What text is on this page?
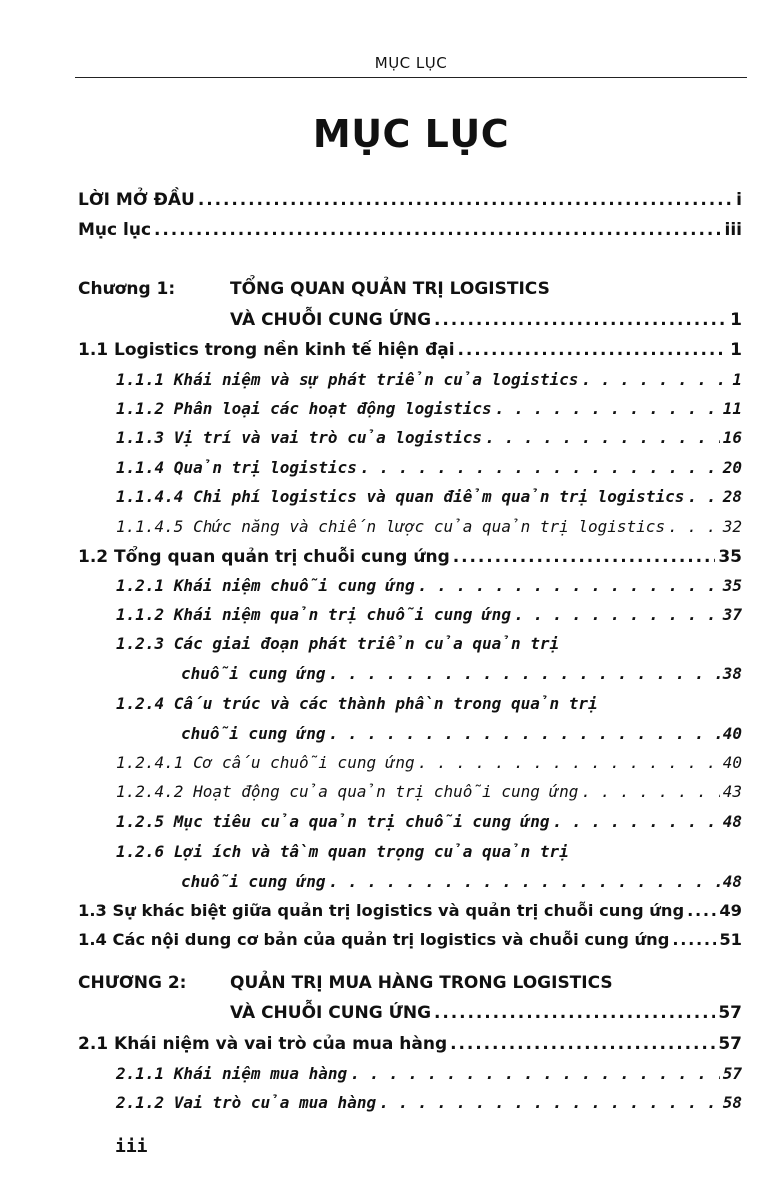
MỤC LỤC
MỤC LỤC
LỜI MỞ ĐẦU . . .	i
Mục lục . . .	iii
Chương 1:	TỔNG QUAN QUẢN TRỊ LOGISTICS
VÀ CHUỖI CUNG ỨNG . . .	1
1.1 Logistics trong nền kinh tế hiện đại . . .	1
1.1.1 Khái niệm và sự phát triển của logistics . . .	1
1.1.2 Phân loại các hoạt động logistics . . .	11
1.1.3 Vị trí và vai trò của logistics . . .	16
1.1.4 Quản trị logistics . . .	20
1.1.4.4 Chi phí logistics và quan điểm quản trị logistics . . . 28
1.1.4.5 Chức năng và chiến lược của quản trị logistics . . .	32
1.2 Tổng quan quản trị chuỗi cung ứng . . .	35
1.2.1 Khái niệm chuỗi cung ứng . . .	35
1.1.2 Khái niệm quản trị chuỗi cung ứng . . .	37
1.2.3 Các giai đoạn phát triển của quản trị
chuỗi cung ứng . . .	38
1.2.4 Cấu trúc và các thành phần trong quản trị
chuỗi cung ứng . . .	40
1.2.4.1 Cơ cấu chuỗi cung ứng . . .	40
1.2.4.2 Hoạt động của quản trị chuỗi cung ứng . . .	43
1.2.5 Mục tiêu của quản trị chuỗi cung ứng . . .	48
1.2.6 Lợi ích và tầm quan trọng của quản trị
chuỗi cung ứng . . .	48
1.3 Sự khác biệt giữa quản trị logistics và quản trị chuỗi cung ứng . . . 49
1.4 Các nội dung cơ bản của quản trị logistics và chuỗi cung ứng . . .	51
CHƯƠNG 2:	QUẢN TRỊ MUA HÀNG TRONG LOGISTICS
VÀ CHUỖI CUNG ỨNG . . .	57
2.1 Khái niệm và vai trò của mua hàng . . .	57
2.1.1 Khái niệm mua hàng . . .	57
2.1.2 Vai trò của mua hàng . . .	58
iii
